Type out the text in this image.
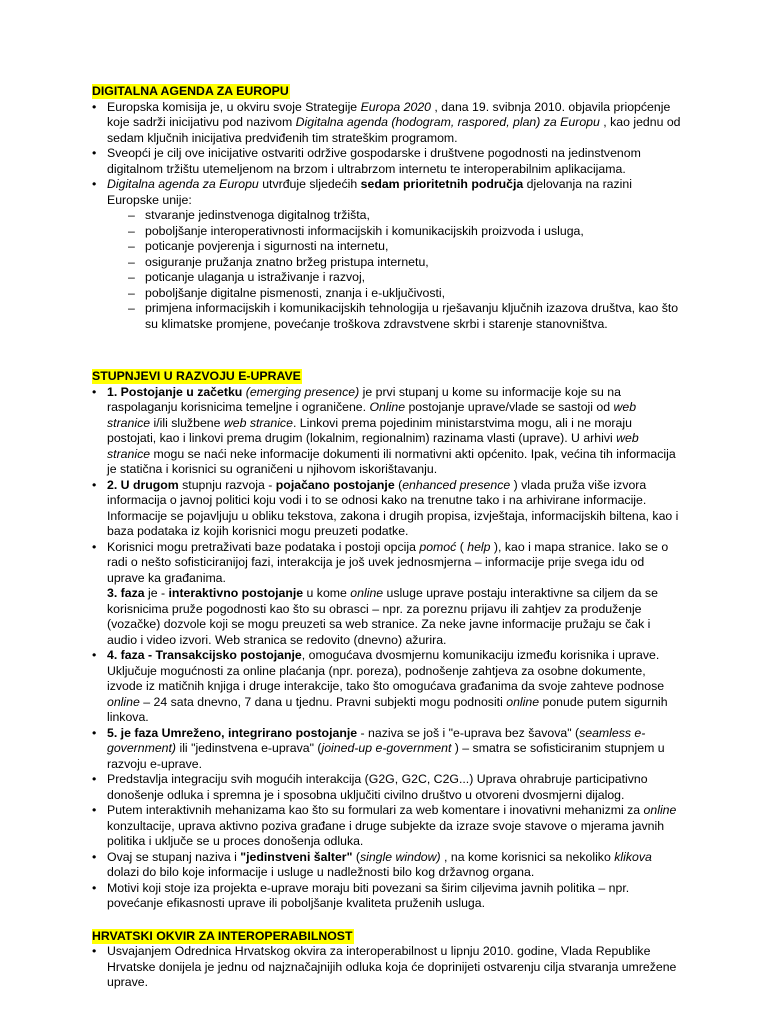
DIGITALNA AGENDA ZA EUROPU
• Europska komisija je, u okviru svoje Strategije Europa 2020 , dana 19. svibnja 2010. objavila priopćenje koje sadrži inicijativu pod nazivom Digitalna agenda (hodogram, raspored, plan) za Europu , kao jednu od sedam ključnih inicijativa predviđenih tim strateškim programom.
• Sveopći je cilj ove inicijative ostvariti održive gospodarske i društvene pogodnosti na jedinstvenom digitalnom tržištu utemeljenom na brzom i ultrabrzom internetu te interoperabilnim aplikacijama.
• Digitalna agenda za Europu utvrđuje sljedećih sedam prioritetnih područja djelovanja na razini Europske unije:
– stvaranje jedinstvenoga digitalnog tržišta,
– poboljšanje interoperativnosti informacijskih i komunikacijskih proizvoda i usluga,
– poticanje povjerenja i sigurnosti na internetu,
– osiguranje pružanja znatno bržeg pristupa internetu,
– poticanje ulaganja u istraživanje i razvoj,
– poboljšanje digitalne pismenosti, znanja i e-uključivosti,
– primjena informacijskih i komunikacijskih tehnologija u rješavanju ključnih izazova društva, kao što su klimatske promjene, povećanje troškova zdravstvene skrbi i starenje stanovništva.
STUPNJEVI U RAZVOJU E-UPRAVE
• 1. Postojanje u začetku (emerging presence) je prvi stupanj u kome su informacije koje su na raspolaganju korisnicima temeljne i ograničene. Online postojanje uprave/vlade se sastoji od web stranice i/ili službene web stranice. Linkovi prema pojedinim ministarstvima mogu, ali i ne moraju postojati, kao i linkovi prema drugim (lokalnim, regionalnim) razinama vlasti (uprave). U arhivi web stranice mogu se naći neke informacije dokumenti ili normativni akti općenito. Ipak, većina tih informacija je statična i korisnici su ograničeni u njihovom iskorištavanju.
• 2. U drugom stupnju razvoja - pojačano postojanje (enhanced presence ) vlada pruža više izvora informacija o javnoj politici koju vodi i to se odnosi kako na trenutne tako i na arhivirane informacije. Informacije se pojavljuju u obliku tekstova, zakona i drugih propisa, izvještaja, informacijskih biltena, kao i baza podataka iz kojih korisnici mogu preuzeti podatke.
• Korisnici mogu pretraživati baze podataka i postoji opcija pomoć ( help ), kao i mapa stranice. Iako se o radi o nešto sofisticiranijoj fazi, interakcija je još uvek jednosmjerna – informacije prije svega idu od uprave ka građanima.
3. faza je - interaktivno postojanje u kome online usluge uprave postaju interaktivne sa ciljem da se korisnicima pruže pogodnosti kao što su obrasci – npr. za poreznu prijavu ili zahtjev za produženje (vozačke) dozvole koji se mogu preuzeti sa web stranice. Za neke javne informacije pružaju se čak i audio i video izvori. Web stranica se redovito (dnevno) ažurira.
• 4. faza - Transakcijsko postojanje, omogućava dvosmjernu komunikaciju između korisnika i uprave. Uključuje mogućnosti za online plaćanja (npr. poreza), podnošenje zahtjeva za osobne dokumente, izvode iz matičnih knjiga i druge interakcije, tako što omogućava građanima da svoje zahteve podnose online – 24 sata dnevno, 7 dana u tjednu. Pravni subjekti mogu podnositi online ponude putem sigurnih linkova.
• 5. je faza Umreženo, integrirano postojanje - naziva se još i "e-uprava bez šavova" (seamless e-government) ili "jedinstvena e-uprava" (joined-up e-government ) – smatra se sofisticiranim stupnjem u razvoju e-uprave.
• Predstavlja integraciju svih mogućih interakcija (G2G, G2C, C2G...) Uprava ohrabruje participativno donošenje odluka i spremna je i sposobna uključiti civilno društvo u otvoreni dvosmjerni dijalog.
• Putem interaktivnih mehanizama kao što su formulari za web komentare i inovativni mehanizmi za online konzultacije, uprava aktivno poziva građane i druge subjekte da izraze svoje stavove o mjerama javnih politika i uključe se u proces donošenja odluka.
• Ovaj se stupanj naziva i "jedinstveni šalter" (single window) , na kome korisnici sa nekoliko klikova dolazi do bilo koje informacije i usluge u nadležnosti bilo kog državnog organa.
• Motivi koji stoje iza projekta e-uprave moraju biti povezani sa širim ciljevima javnih politika – npr. povećanje efikasnosti uprave ili poboljšanje kvaliteta pruženih usluga.
HRVATSKI OKVIR ZA INTEROPERABILNOST
• Usvajanjem Odrednica Hrvatskog okvira za interoperabilnost u lipnju 2010. godine, Vlada Republike Hrvatske donijela je jednu od najznačajnijih odluka koja će doprinijeti ostvarenju cilja stvaranja umrežene uprave.
